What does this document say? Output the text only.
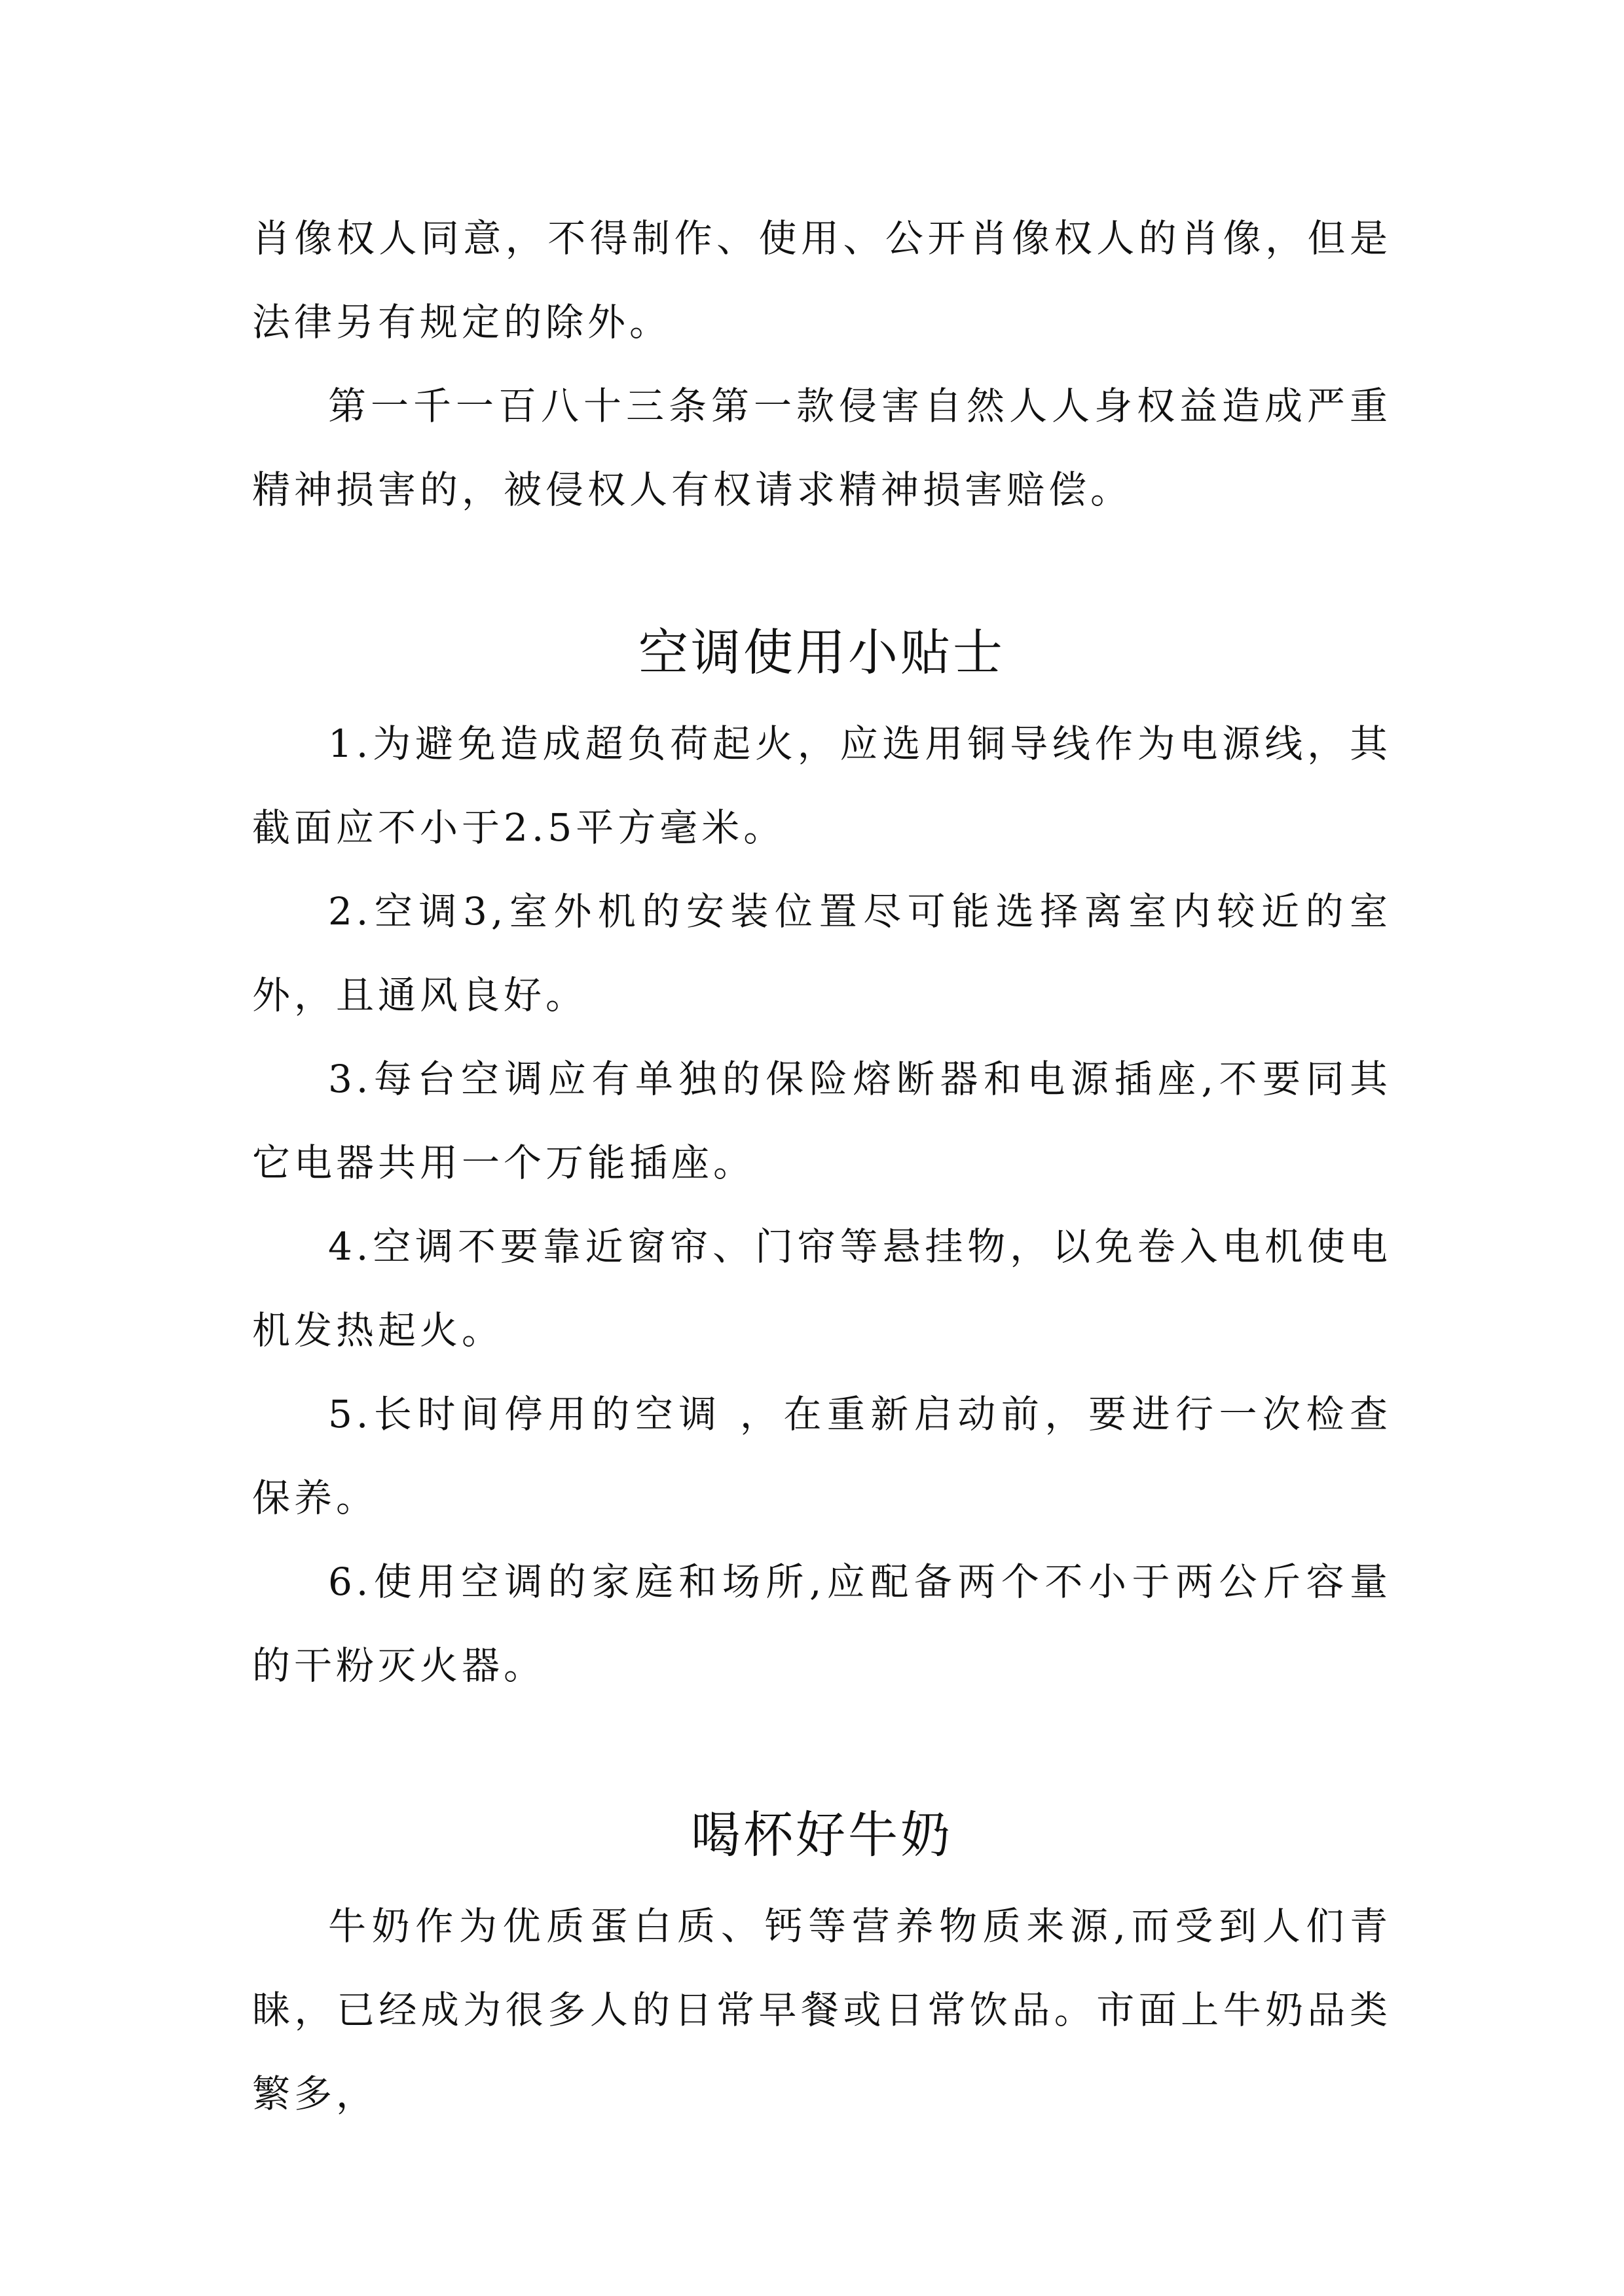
肖像权人同意，不得制作、使用、公开肖像权人的肖像，但是法律另有规定的除外。

第一千一百八十三条第一款侵害自然人人身权益造成严重精神损害的，被侵权人有权请求精神损害赔偿。

空调使用小贴士

1.为避免造成超负荷起火，应选用铜导线作为电源线，其截面应不小于2.5平方毫米。

2.空调3,室外机的安装位置尽可能选择离室内较近的室外，且通风良好。

3.每台空调应有单独的保险熔断器和电源插座,不要同其它电器共用一个万能插座。

4.空调不要靠近窗帘、门帘等悬挂物，以免卷入电机使电机发热起火。

5.长时间停用的空调 ，在重新启动前，要进行一次检查保养。

6.使用空调的家庭和场所,应配备两个不小于两公斤容量的干粉灭火器。

喝杯好牛奶

牛奶作为优质蛋白质、钙等营养物质来源,而受到人们青睐，已经成为很多人的日常早餐或日常饮品。市面上牛奶品类繁多，
